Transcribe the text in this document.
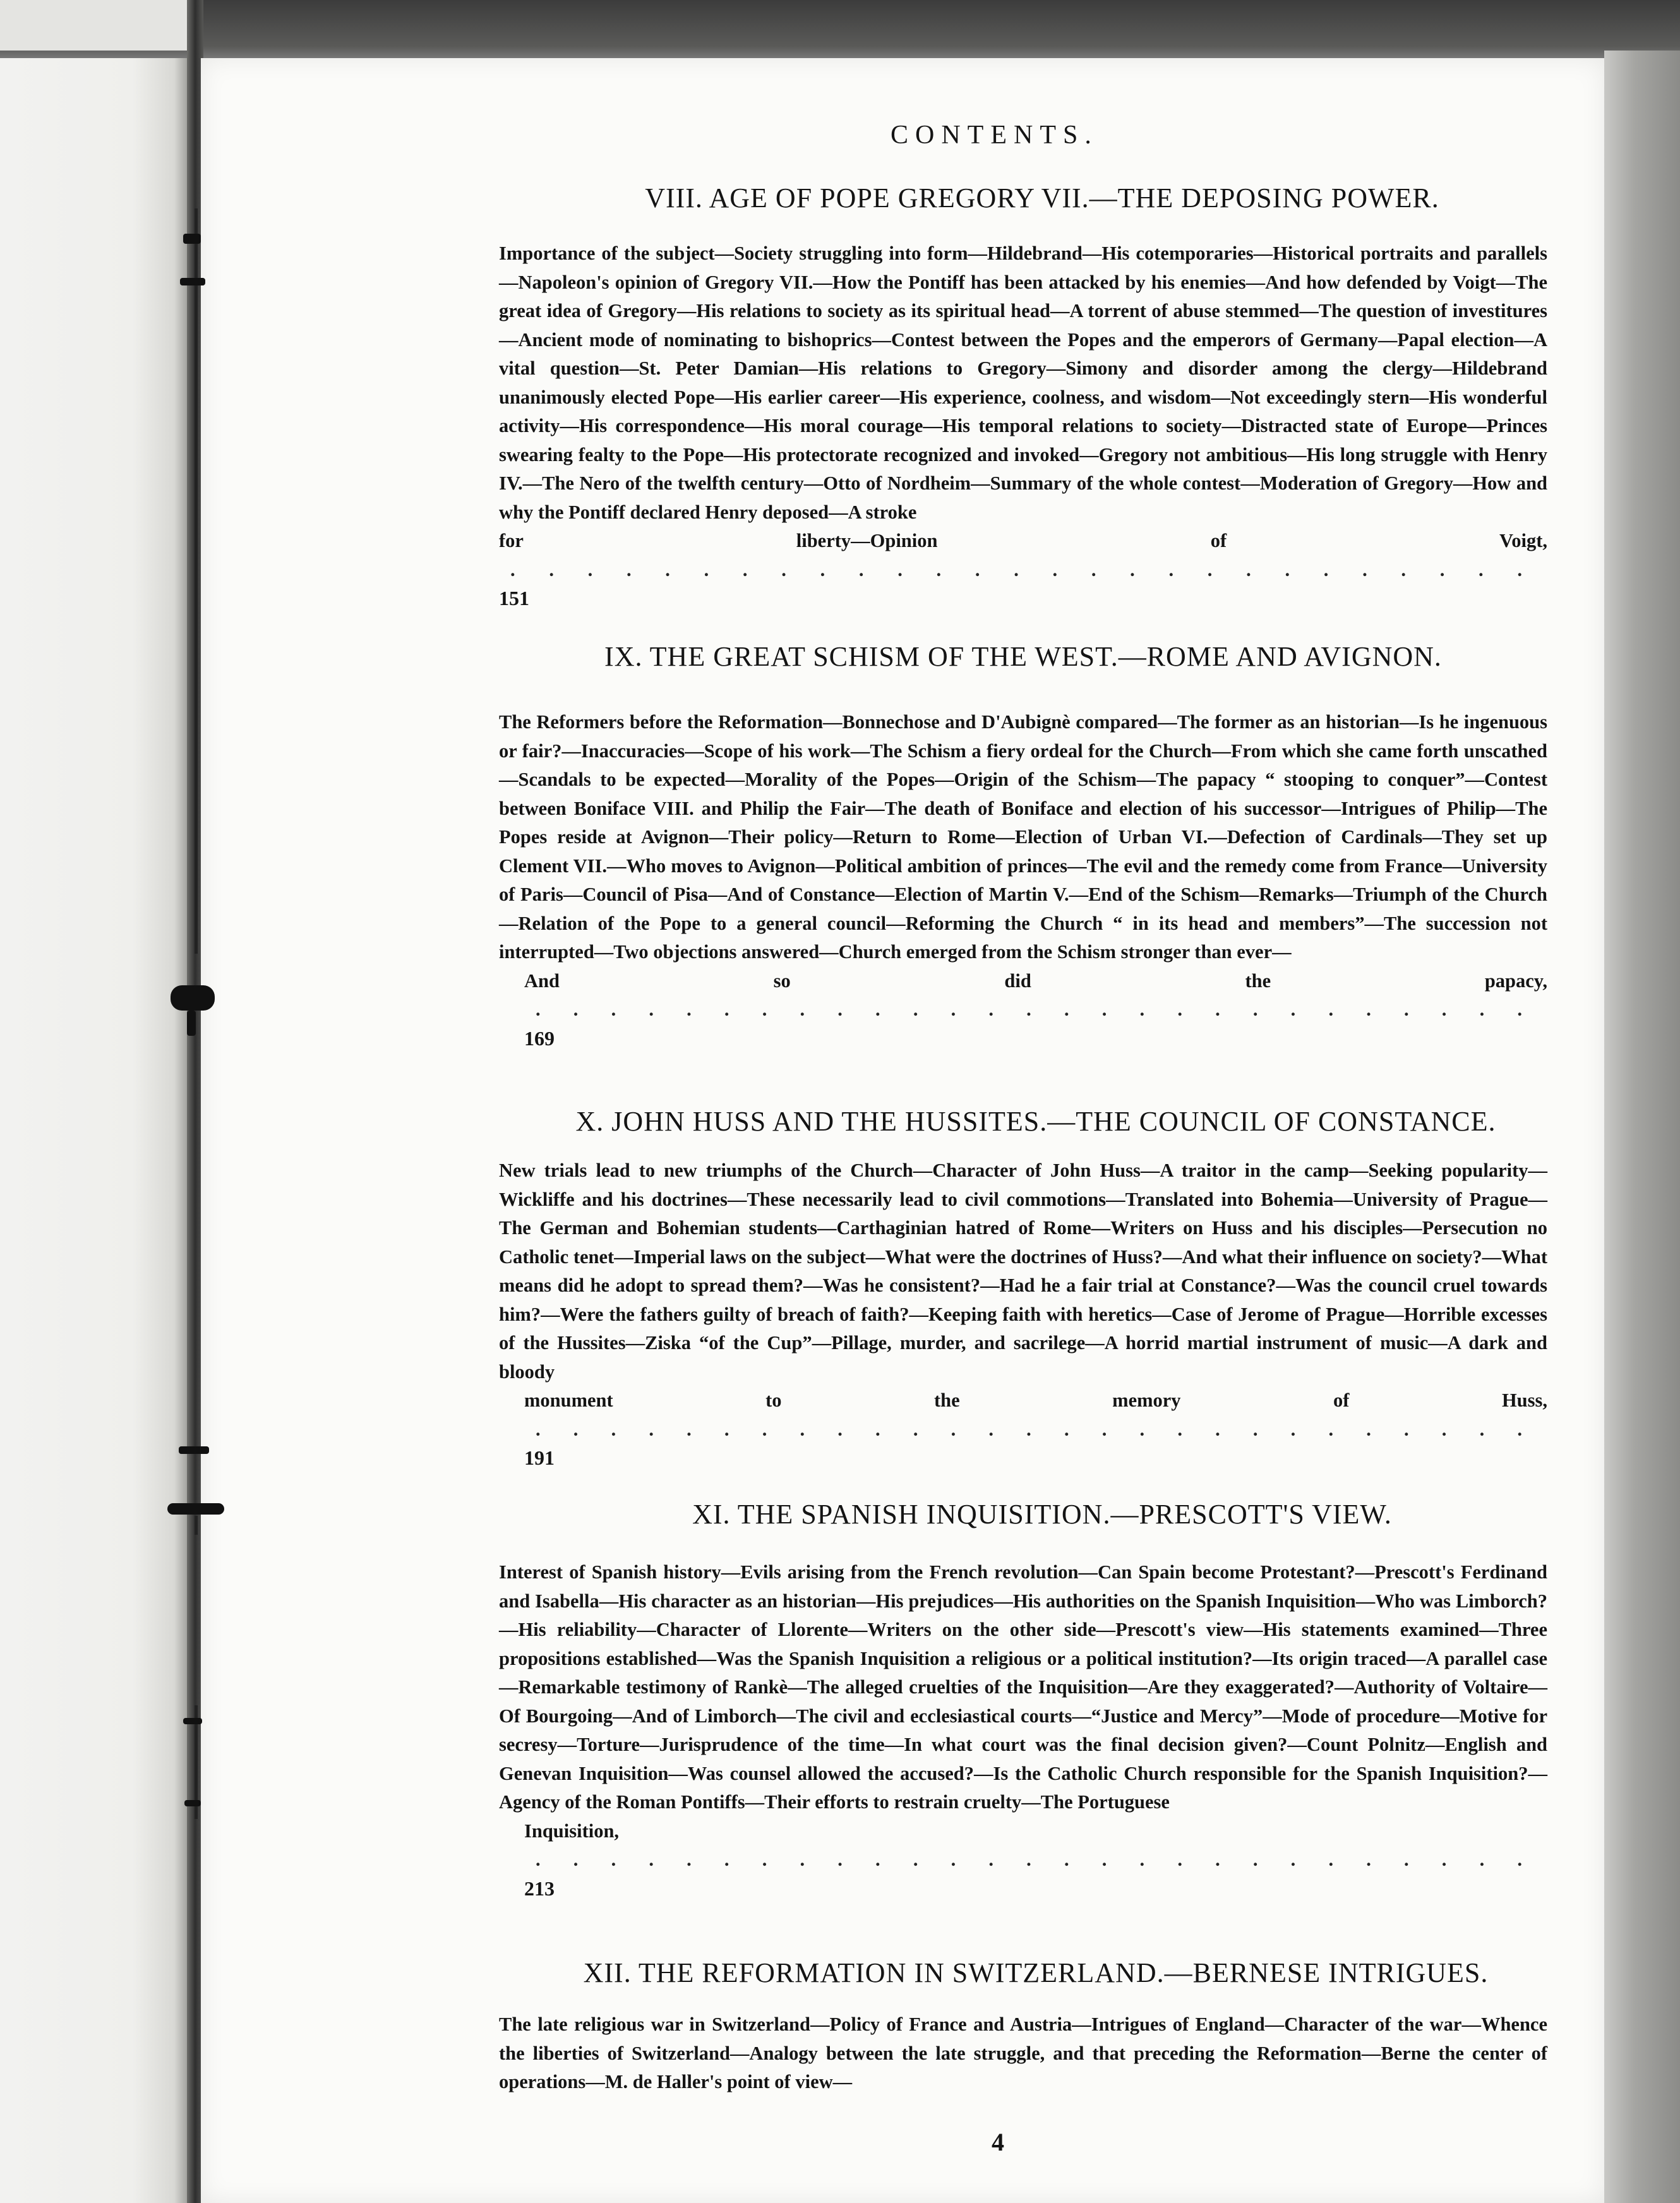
CONTENTS.
VIII. AGE OF POPE GREGORY VII.—THE DEPOSING POWER.

Importance of the subject—Society struggling into form—Hildebrand—His cotemporaries—Historical portraits and parallels—Napoleon's opinion of Gregory VII.—How the Pontiff has been attacked by his enemies—And how defended by Voigt—The great idea of Gregory—His relations to society as its spiritual head—A torrent of abuse stemmed—The question of investitures—Ancient mode of nominating to bishoprics—Contest between the Popes and the emperors of Germany—Papal election—A vital question—St. Peter Damian—His relations to Gregory—Simony and disorder among the clergy—Hildebrand unanimously elected Pope—His earlier career—His experience, coolness, and wisdom—Not exceedingly stern—His wonderful activity—His correspondence—His moral courage—His temporal relations to society—Distracted state of Europe—Princes swearing fealty to the Pope—His protectorate recognized and invoked—Gregory not ambitious—His long struggle with Henry IV.—The Nero of the twelfth century—Otto of Nordheim—Summary of the whole contest—Moderation of Gregory—How and why the Pontiff declared Henry deposed—A stroke

for liberty—Opinion of Voigt, . . . . . . . . . . . . . . . . . . . . . . . . . . . 151
IX. THE GREAT SCHISM OF THE WEST.—ROME AND AVIGNON.

The Reformers before the Reformation—Bonnechose and D'Aubignè compared—The former as an historian—Is he ingenuous or fair?—Inaccuracies—Scope of his work—The Schism a fiery ordeal for the Church—From which she came forth unscathed—Scandals to be expected—Morality of the Popes—Origin of the Schism—The papacy “ stooping to conquer”—Contest between Boniface VIII. and Philip the Fair—The death of Boniface and election of his successor—Intrigues of Philip—The Popes reside at Avignon—Their policy—Return to Rome—Election of Urban VI.—Defection of Cardinals—They set up Clement VII.—Who moves to Avignon—Political ambition of princes—The evil and the remedy come from France—University of Paris—Council of Pisa—And of Constance—Election of Martin V.—End of the Schism—Remarks—Triumph of the Church—Relation of the Pope to a general council—Reforming the Church “ in its head and members”—The succession not interrupted—Two objections answered—Church emerged from the Schism stronger than ever—

And so did the papacy, . . . . . . . . . . . . . . . . . . . . . . . . . . . 169
X. JOHN HUSS AND THE HUSSITES.—THE COUNCIL OF CONSTANCE.

New trials lead to new triumphs of the Church—Character of John Huss—A traitor in the camp—Seeking popularity—Wickliffe and his doctrines—These necessarily lead to civil commotions—Translated into Bohemia—University of Prague—The German and Bohemian students—Carthaginian hatred of Rome—Writers on Huss and his disciples—Persecution no Catholic tenet—Imperial laws on the subject—What were the doctrines of Huss?—And what their influence on society?—What means did he adopt to spread them?—Was he consistent?—Had he a fair trial at Constance?—Was the council cruel towards him?—Were the fathers guilty of breach of faith?—Keeping faith with heretics—Case of Jerome of Prague—Horrible excesses of the Hussites—Ziska “of the Cup”—Pillage, murder, and sacrilege—A horrid martial instrument of music—A dark and bloody

monument to the memory of Huss, . . . . . . . . . . . . . . . . . . . . . . . . . . . 191
XI. THE SPANISH INQUISITION.—PRESCOTT'S VIEW.

Interest of Spanish history—Evils arising from the French revolution—Can Spain become Protestant?—Prescott's Ferdinand and Isabella—His character as an historian—His prejudices—His authorities on the Spanish Inquisition—Who was Limborch?—His reliability—Character of Llorente—Writers on the other side—Prescott's view—His statements examined—Three propositions established—Was the Spanish Inquisition a religious or a political institution?—Its origin traced—A parallel case—Remarkable testimony of Rankè—The alleged cruelties of the Inquisition—Are they exaggerated?—Authority of Voltaire—Of Bourgoing—And of Limborch—The civil and ecclesiastical courts—“Justice and Mercy”—Mode of procedure—Motive for secresy—Torture—Jurisprudence of the time—In what court was the final decision given?—Count Polnitz—English and Genevan Inquisition—Was counsel allowed the accused?—Is the Catholic Church responsible for the Spanish Inquisition?—Agency of the Roman Pontiffs—Their efforts to restrain cruelty—The Portuguese

Inquisition, . . . . . . . . . . . . . . . . . . . . . . . . . . . 213
XII. THE REFORMATION IN SWITZERLAND.—BERNESE INTRIGUES.

The late religious war in Switzerland—Policy of France and Austria—Intrigues of England—Character of the war—Whence the liberties of Switzerland—Analogy between the late struggle, and that preceding the Reformation—Berne the center of operations—M. de Haller's point of view—

4
